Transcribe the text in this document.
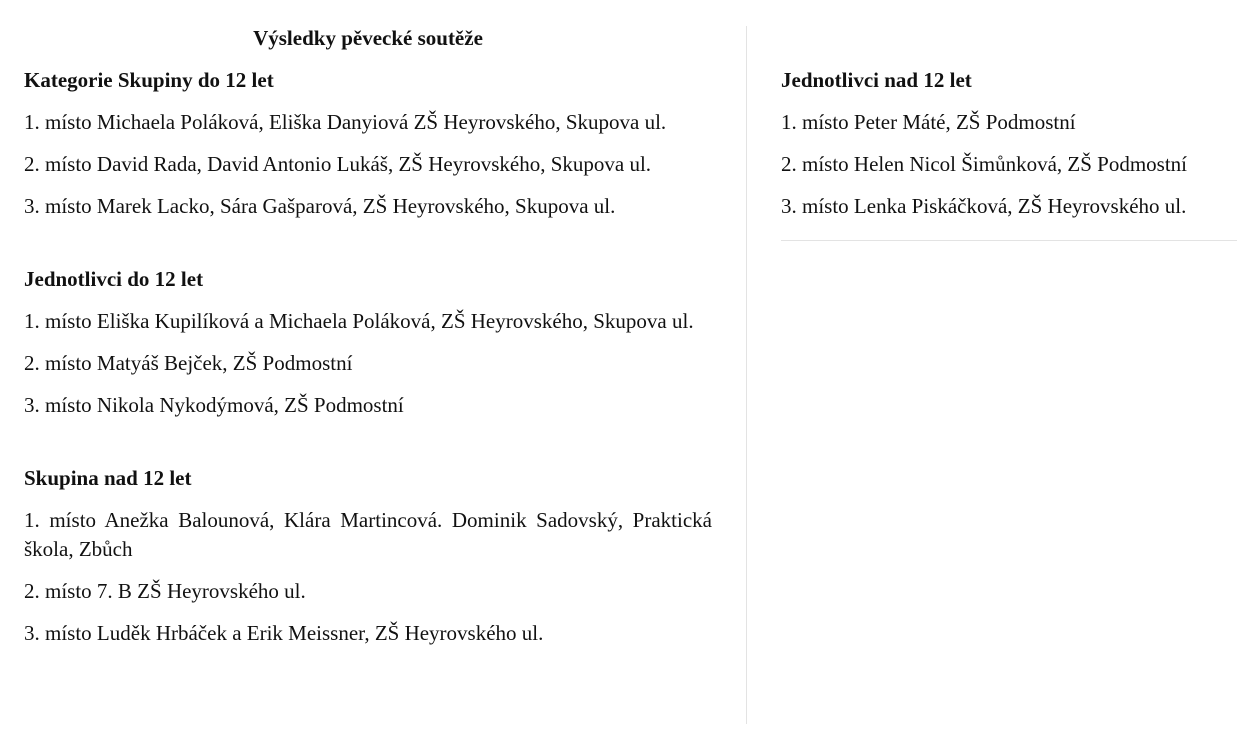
Výsledky pěvecké soutěže
Kategorie Skupiny do 12 let
1. místo Michaela Poláková, Eliška Danyiová ZŠ Heyrovského, Skupova ul.
2. místo David Rada, David Antonio Lukáš, ZŠ Heyrovského, Skupova ul.
3. místo Marek Lacko, Sára Gašparová, ZŠ Heyrovského, Skupova ul.
Jednotlivci do 12 let
1. místo Eliška Kupilíková a Michaela Poláková, ZŠ Heyrovského, Skupova ul.
2. místo Matyáš Bejček, ZŠ Podmostní
3. místo Nikola Nykodýmová, ZŠ Podmostní
Skupina nad 12 let
1. místo Anežka Balounová, Klára Martincová. Dominik Sadovský, Praktická škola, Zbůch
2. místo 7. B ZŠ Heyrovského ul.
3. místo Luděk Hrbáček a Erik Meissner, ZŠ Heyrovského ul.
Jednotlivci nad 12 let
1. místo Peter Máté, ZŠ Podmostní
2. místo Helen Nicol Šimůnková, ZŠ Podmostní
3. místo Lenka Piskáčková, ZŠ Heyrovského ul.
